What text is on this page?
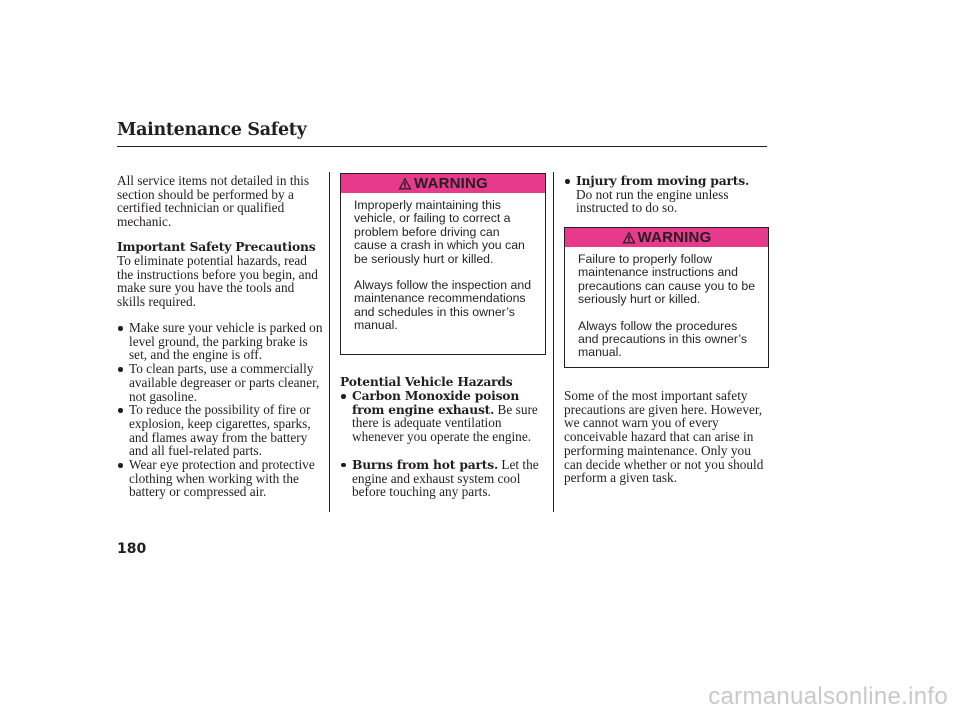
Maintenance Safety

All service items not detailed in this section should be performed by a certified technician or qualified mechanic.

Important Safety Precautions

To eliminate potential hazards, read the instructions before you begin, and make sure you have the tools and skills required.

Make sure your vehicle is parked on level ground, the parking brake is set, and the engine is off.
To clean parts, use a commercially available degreaser or parts cleaner, not gasoline.
To reduce the possibility of fire or explosion, keep cigarettes, sparks, and flames away from the battery and all fuel-related parts.
Wear eye protection and protective clothing when working with the battery or compressed air.
WARNING

Improperly maintaining this vehicle, or failing to correct a problem before driving can cause a crash in which you can be seriously hurt or killed.

Always follow the inspection and maintenance recommendations and schedules in this owner’s manual.

Potential Vehicle Hazards
Carbon Monoxide poison from engine exhaust. Be sure there is adequate ventilation whenever you operate the engine.
Burns from hot parts. Let the engine and exhaust system cool before touching any parts.
Injury from moving parts. Do not run the engine unless instructed to do so.
WARNING

Failure to properly follow maintenance instructions and precautions can cause you to be seriously hurt or killed.

Always follow the procedures and precautions in this owner’s manual.

Some of the most important safety precautions are given here. However, we cannot warn you of every conceivable hazard that can arise in performing maintenance. Only you can decide whether or not you should perform a given task.

180
carmanualsonline.info
